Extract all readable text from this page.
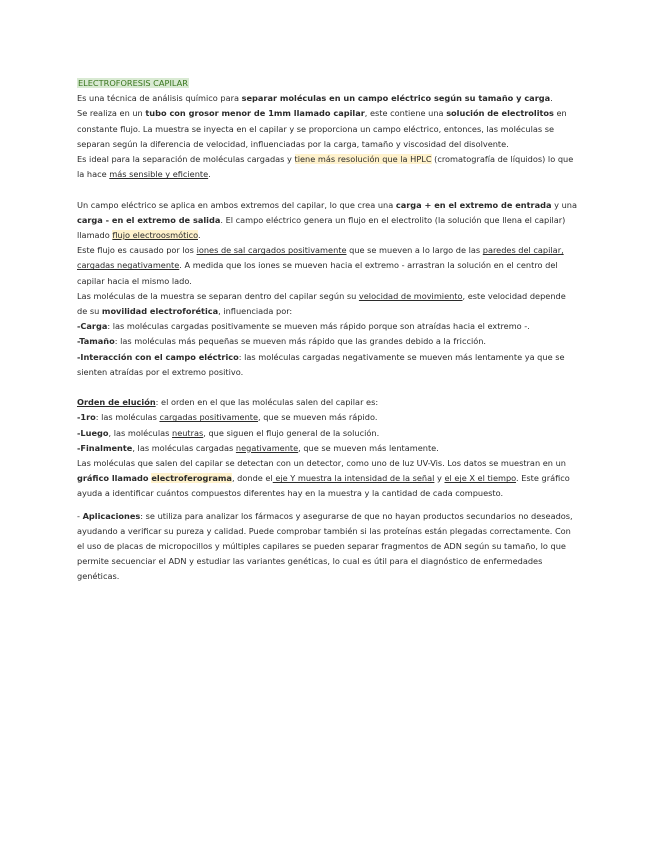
ELECTROFORESIS CAPILAR

Es una técnica de análisis químico para separar moléculas en un campo eléctrico según su tamaño y carga.

Se realiza en un tubo con grosor menor de 1mm llamado capilar, este contiene una solución de electrolitos en constante flujo. La muestra se inyecta en el capilar y se proporciona un campo eléctrico, entonces, las moléculas se separan según la diferencia de velocidad, influenciadas por la carga, tamaño y viscosidad del disolvente.

Es ideal para la separación de moléculas cargadas y tiene más resolución que la HPLC (cromatografía de líquidos) lo que la hace más sensible y eficiente.

Un campo eléctrico se aplica en ambos extremos del capilar, lo que crea una carga + en el extremo de entrada y una carga - en el extremo de salida. El campo eléctrico genera un flujo en el electrolito (la solución que llena el capilar) llamado flujo electroosmótico.

Este flujo es causado por los iones de sal cargados positivamente que se mueven a lo largo de las paredes del capilar, cargadas negativamente. A medida que los iones se mueven hacia el extremo - arrastran la solución en el centro del capilar hacia el mismo lado.

Las moléculas de la muestra se separan dentro del capilar según su velocidad de movimiento, este velocidad depende de su movilidad electroforética, influenciada por:

-Carga: las moléculas cargadas positivamente se mueven más rápido porque son atraídas hacia el extremo -.

-Tamaño: las moléculas más pequeñas se mueven más rápido que las grandes debido a la fricción.

-Interacción con el campo eléctrico: las moléculas cargadas negativamente se mueven más lentamente ya que se sienten atraídas por el extremo positivo.

Orden de elución: el orden en el que las moléculas salen del capilar es:

-1ro: las moléculas cargadas positivamente, que se mueven más rápido.

-Luego, las moléculas neutras, que siguen el flujo general de la solución.

-Finalmente, las moléculas cargadas negativamente, que se mueven más lentamente.

Las moléculas que salen del capilar se detectan con un detector, como uno de luz UV-Vis. Los datos se muestran en un gráfico llamado electroferograma, donde el eje Y muestra la intensidad de la señal y el eje X el tiempo. Este gráfico ayuda a identificar cuántos compuestos diferentes hay en la muestra y la cantidad de cada compuesto.

- Aplicaciones: se utiliza para analizar los fármacos y asegurarse de que no hayan productos secundarios no deseados, ayudando a verificar su pureza y calidad. Puede comprobar también si las proteínas están plegadas correctamente. Con el uso de placas de micropocillos y múltiples capilares se pueden separar fragmentos de ADN según su tamaño, lo que permite secuenciar el ADN y estudiar las variantes genéticas, lo cual es útil para el diagnóstico de enfermedades genéticas.
